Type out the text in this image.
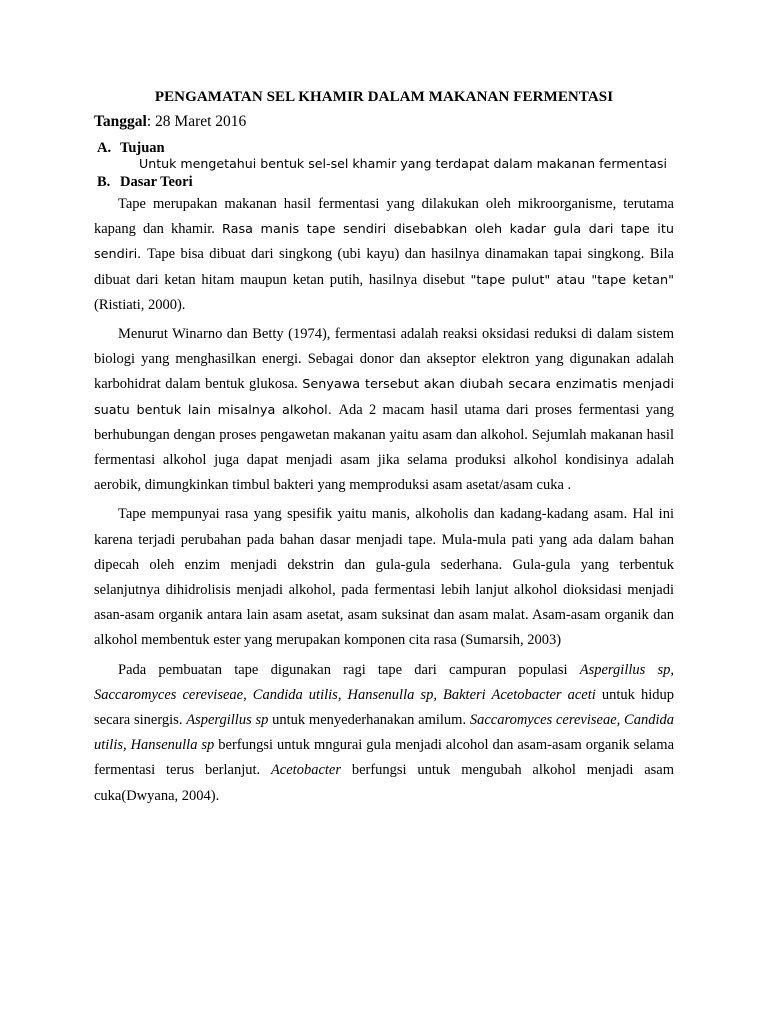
PENGAMATAN SEL KHAMIR DALAM MAKANAN FERMENTASI
Tanggal: 28 Maret 2016
A. Tujuan
Untuk mengetahui bentuk sel-sel khamir yang terdapat dalam makanan fermentasi
B. Dasar Teori

Tape merupakan makanan hasil fermentasi yang dilakukan oleh mikroorganisme, terutama kapang dan khamir. Rasa manis tape sendiri disebabkan oleh kadar gula dari tape itu sendiri. Tape bisa dibuat dari singkong (ubi kayu) dan hasilnya dinamakan tapai singkong. Bila dibuat dari ketan hitam maupun ketan putih, hasilnya disebut "tape pulut" atau "tape ketan" (Ristiati, 2000).

Menurut Winarno dan Betty (1974), fermentasi adalah reaksi oksidasi reduksi di dalam sistem biologi yang menghasilkan energi. Sebagai donor dan akseptor elektron yang digunakan adalah karbohidrat dalam bentuk glukosa. Senyawa tersebut akan diubah secara enzimatis menjadi suatu bentuk lain misalnya alkohol. Ada 2 macam hasil utama dari proses fermentasi yang berhubungan dengan proses pengawetan makanan yaitu asam dan alkohol. Sejumlah makanan hasil fermentasi alkohol juga dapat menjadi asam jika selama produksi alkohol kondisinya adalah aerobik, dimungkinkan timbul bakteri yang memproduksi asam asetat/asam cuka .

Tape mempunyai rasa yang spesifik yaitu manis, alkoholis dan kadang-kadang asam. Hal ini karena terjadi perubahan pada bahan dasar menjadi tape. Mula-mula pati yang ada dalam bahan dipecah oleh enzim menjadi dekstrin dan gula-gula sederhana. Gula-gula yang terbentuk selanjutnya dihidrolisis menjadi alkohol, pada fermentasi lebih lanjut alkohol dioksidasi menjadi asan-asam organik antara lain asam asetat, asam suksinat dan asam malat. Asam-asam organik dan alkohol membentuk ester yang merupakan komponen cita rasa (Sumarsih, 2003)

Pada pembuatan tape digunakan ragi tape dari campuran populasi Aspergillus sp, Saccaromyces cereviseae, Candida utilis, Hansenulla sp, Bakteri Acetobacter aceti untuk hidup secara sinergis. Aspergillus sp untuk menyederhanakan amilum. Saccaromyces cereviseae, Candida utilis, Hansenulla sp berfungsi untuk mngurai gula menjadi alcohol dan asam-asam organik selama fermentasi terus berlanjut. Acetobacter berfungsi untuk mengubah alkohol menjadi asam cuka(Dwyana, 2004).
